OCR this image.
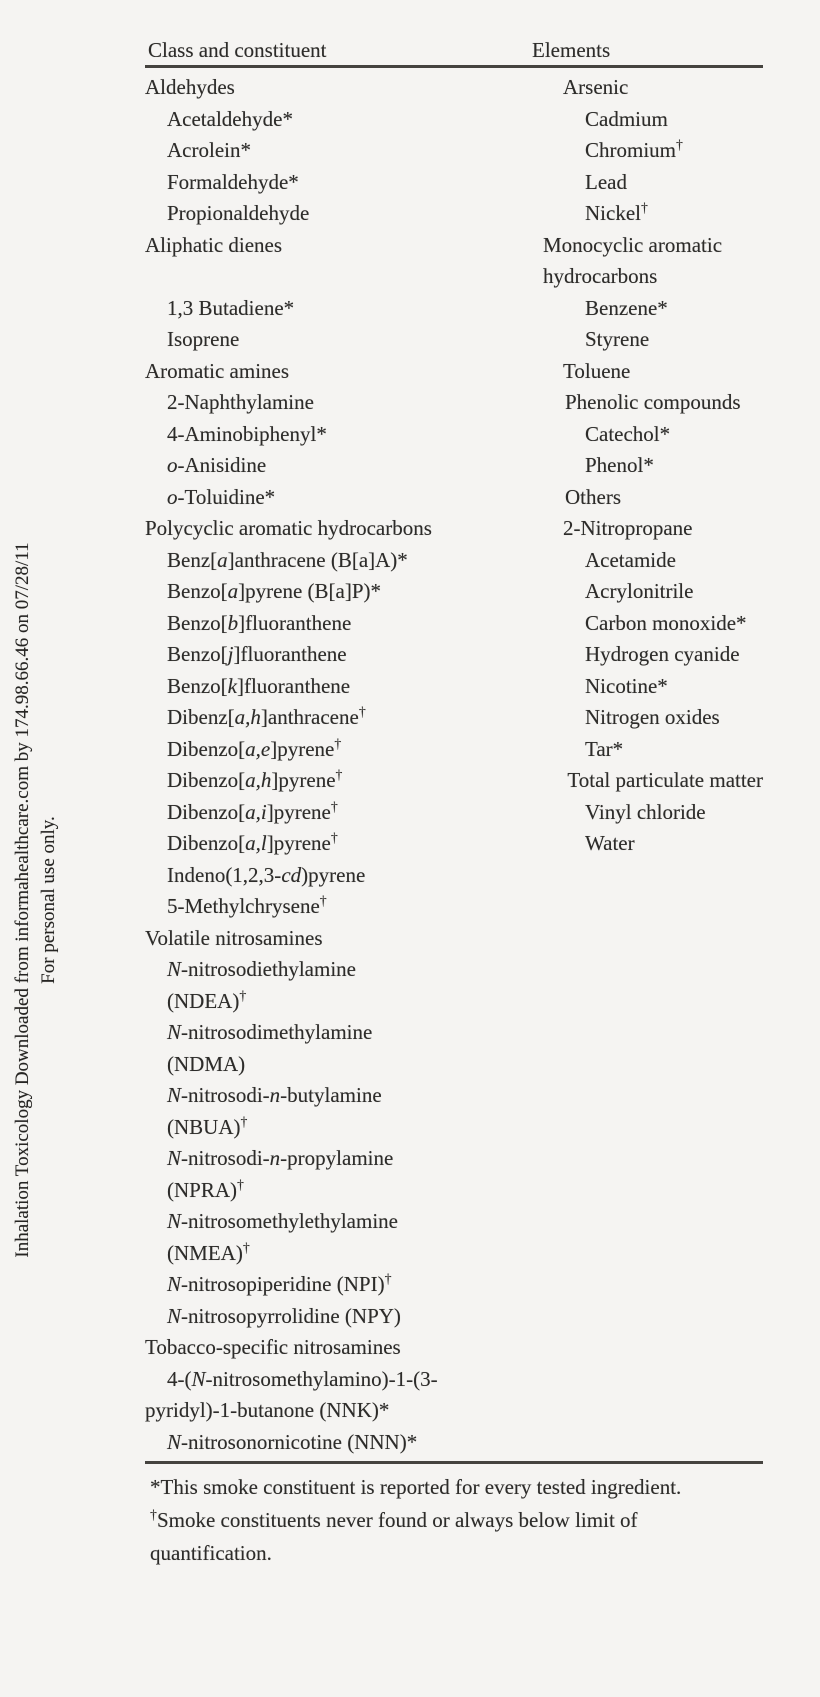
Inhalation Toxicology Downloaded from informahealthcare.com by 174.98.66.46 on 07/28/11 For personal use only.
Class and constituent	Elements
Aldehydes	Arsenic
Acetaldehyde*	Cadmium
Acrolein*	Chromium†
Formaldehyde*	Lead
Propionaldehyde	Nickel†
Aliphatic dienes	Monocyclic aromatic
hydrocarbons
1,3 Butadiene*	Benzene*
Isoprene	Styrene
Aromatic amines	Toluene
2-Naphthylamine	Phenolic compounds
4-Aminobiphenyl*	Catechol*
o-Anisidine	Phenol*
o-Toluidine*	Others
Polycyclic aromatic hydrocarbons	2-Nitropropane
Benz[a]anthracene (B[a]A)*	Acetamide
Benzo[a]pyrene (B[a]P)*	Acrylonitrile
Benzo[b]fluoranthene	Carbon monoxide*
Benzo[j]fluoranthene	Hydrogen cyanide
Benzo[k]fluoranthene	Nicotine*
Dibenz[a,h]anthracene†	Nitrogen oxides
Dibenzo[a,e]pyrene†	Tar*
Dibenzo[a,h]pyrene†	Total particulate matter
Dibenzo[a,i]pyrene†	Vinyl chloride
Dibenzo[a,l]pyrene†	Water
Indeno(1,2,3-cd)pyrene
5-Methylchrysene†
Volatile nitrosamines
N-nitrosodiethylamine
(NDEA)†
N-nitrosodimethylamine
(NDMA)
N-nitrosodi-n-butylamine
(NBUA)†
N-nitrosodi-n-propylamine
(NPRA)†
N-nitrosomethylethylamine
(NMEA)†
N-nitrosopiperidine (NPI)†
N-nitrosopyrrolidine (NPY)
Tobacco-specific nitrosamines
4-(N-nitrosomethylamino)-1-(3-
pyridyl)-1-butanone (NNK)*
N-nitrosonornicotine (NNN)*

*This smoke constituent is reported for every tested ingredient.

†Smoke constituents never found or always below limit of
quantification.
